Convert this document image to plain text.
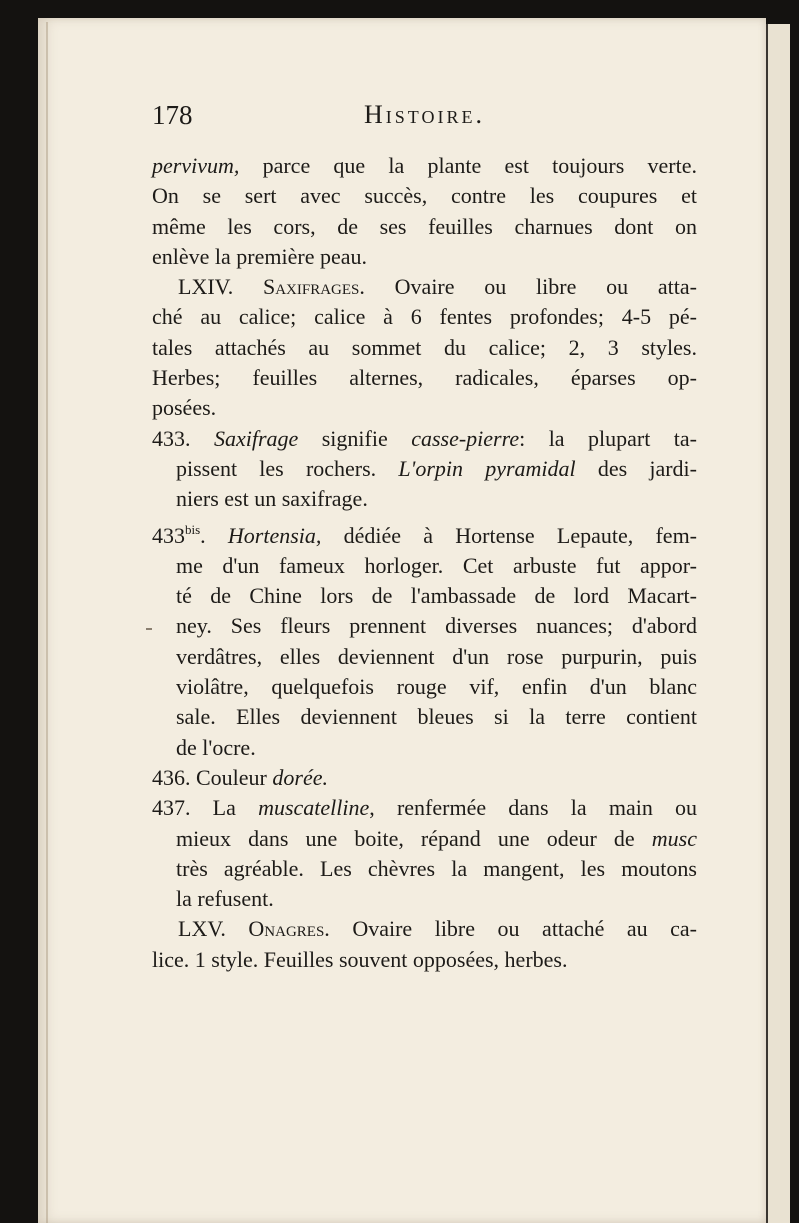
178	Histoire.
pervivum, parce que la plante est toujours verte.
On se sert avec succès, contre les coupures et
même les cors, de ses feuilles charnues dont on
enlève la première peau.
LXIV. Saxifrages. Ovaire ou libre ou atta-
ché au calice; calice à 6 fentes profondes; 4-5 pé-
tales attachés au sommet du calice; 2, 3 styles.
Herbes; feuilles alternes, radicales, éparses op-
posées.
433. Saxifrage signifie casse-pierre: la plupart ta-
pissent les rochers. L'orpin pyramidal des jardi-
niers est un saxifrage.
$433^{bis}$. Hortensia, dédiée à Hortense Lepaute, fem-
me d'un fameux horloger. Cet arbuste fut appor-
té de Chine lors de l'ambassade de lord Macart-
ney. Ses fleurs prennent diverses nuances; d'abord
verdâtres, elles deviennent d'un rose purpurin, puis
violâtre, quelquefois rouge vif, enfin d'un blanc
sale. Elles deviennent bleues si la terre contient
de l'ocre.
436. Couleur dorée.
437. La muscatelline, renfermée dans la main ou
mieux dans une boite, répand une odeur de musc
très agréable. Les chèvres la mangent, les moutons
la refusent.
LXV. Onagres. Ovaire libre ou attaché au ca-
lice. 1 style. Feuilles souvent opposées, herbes.
